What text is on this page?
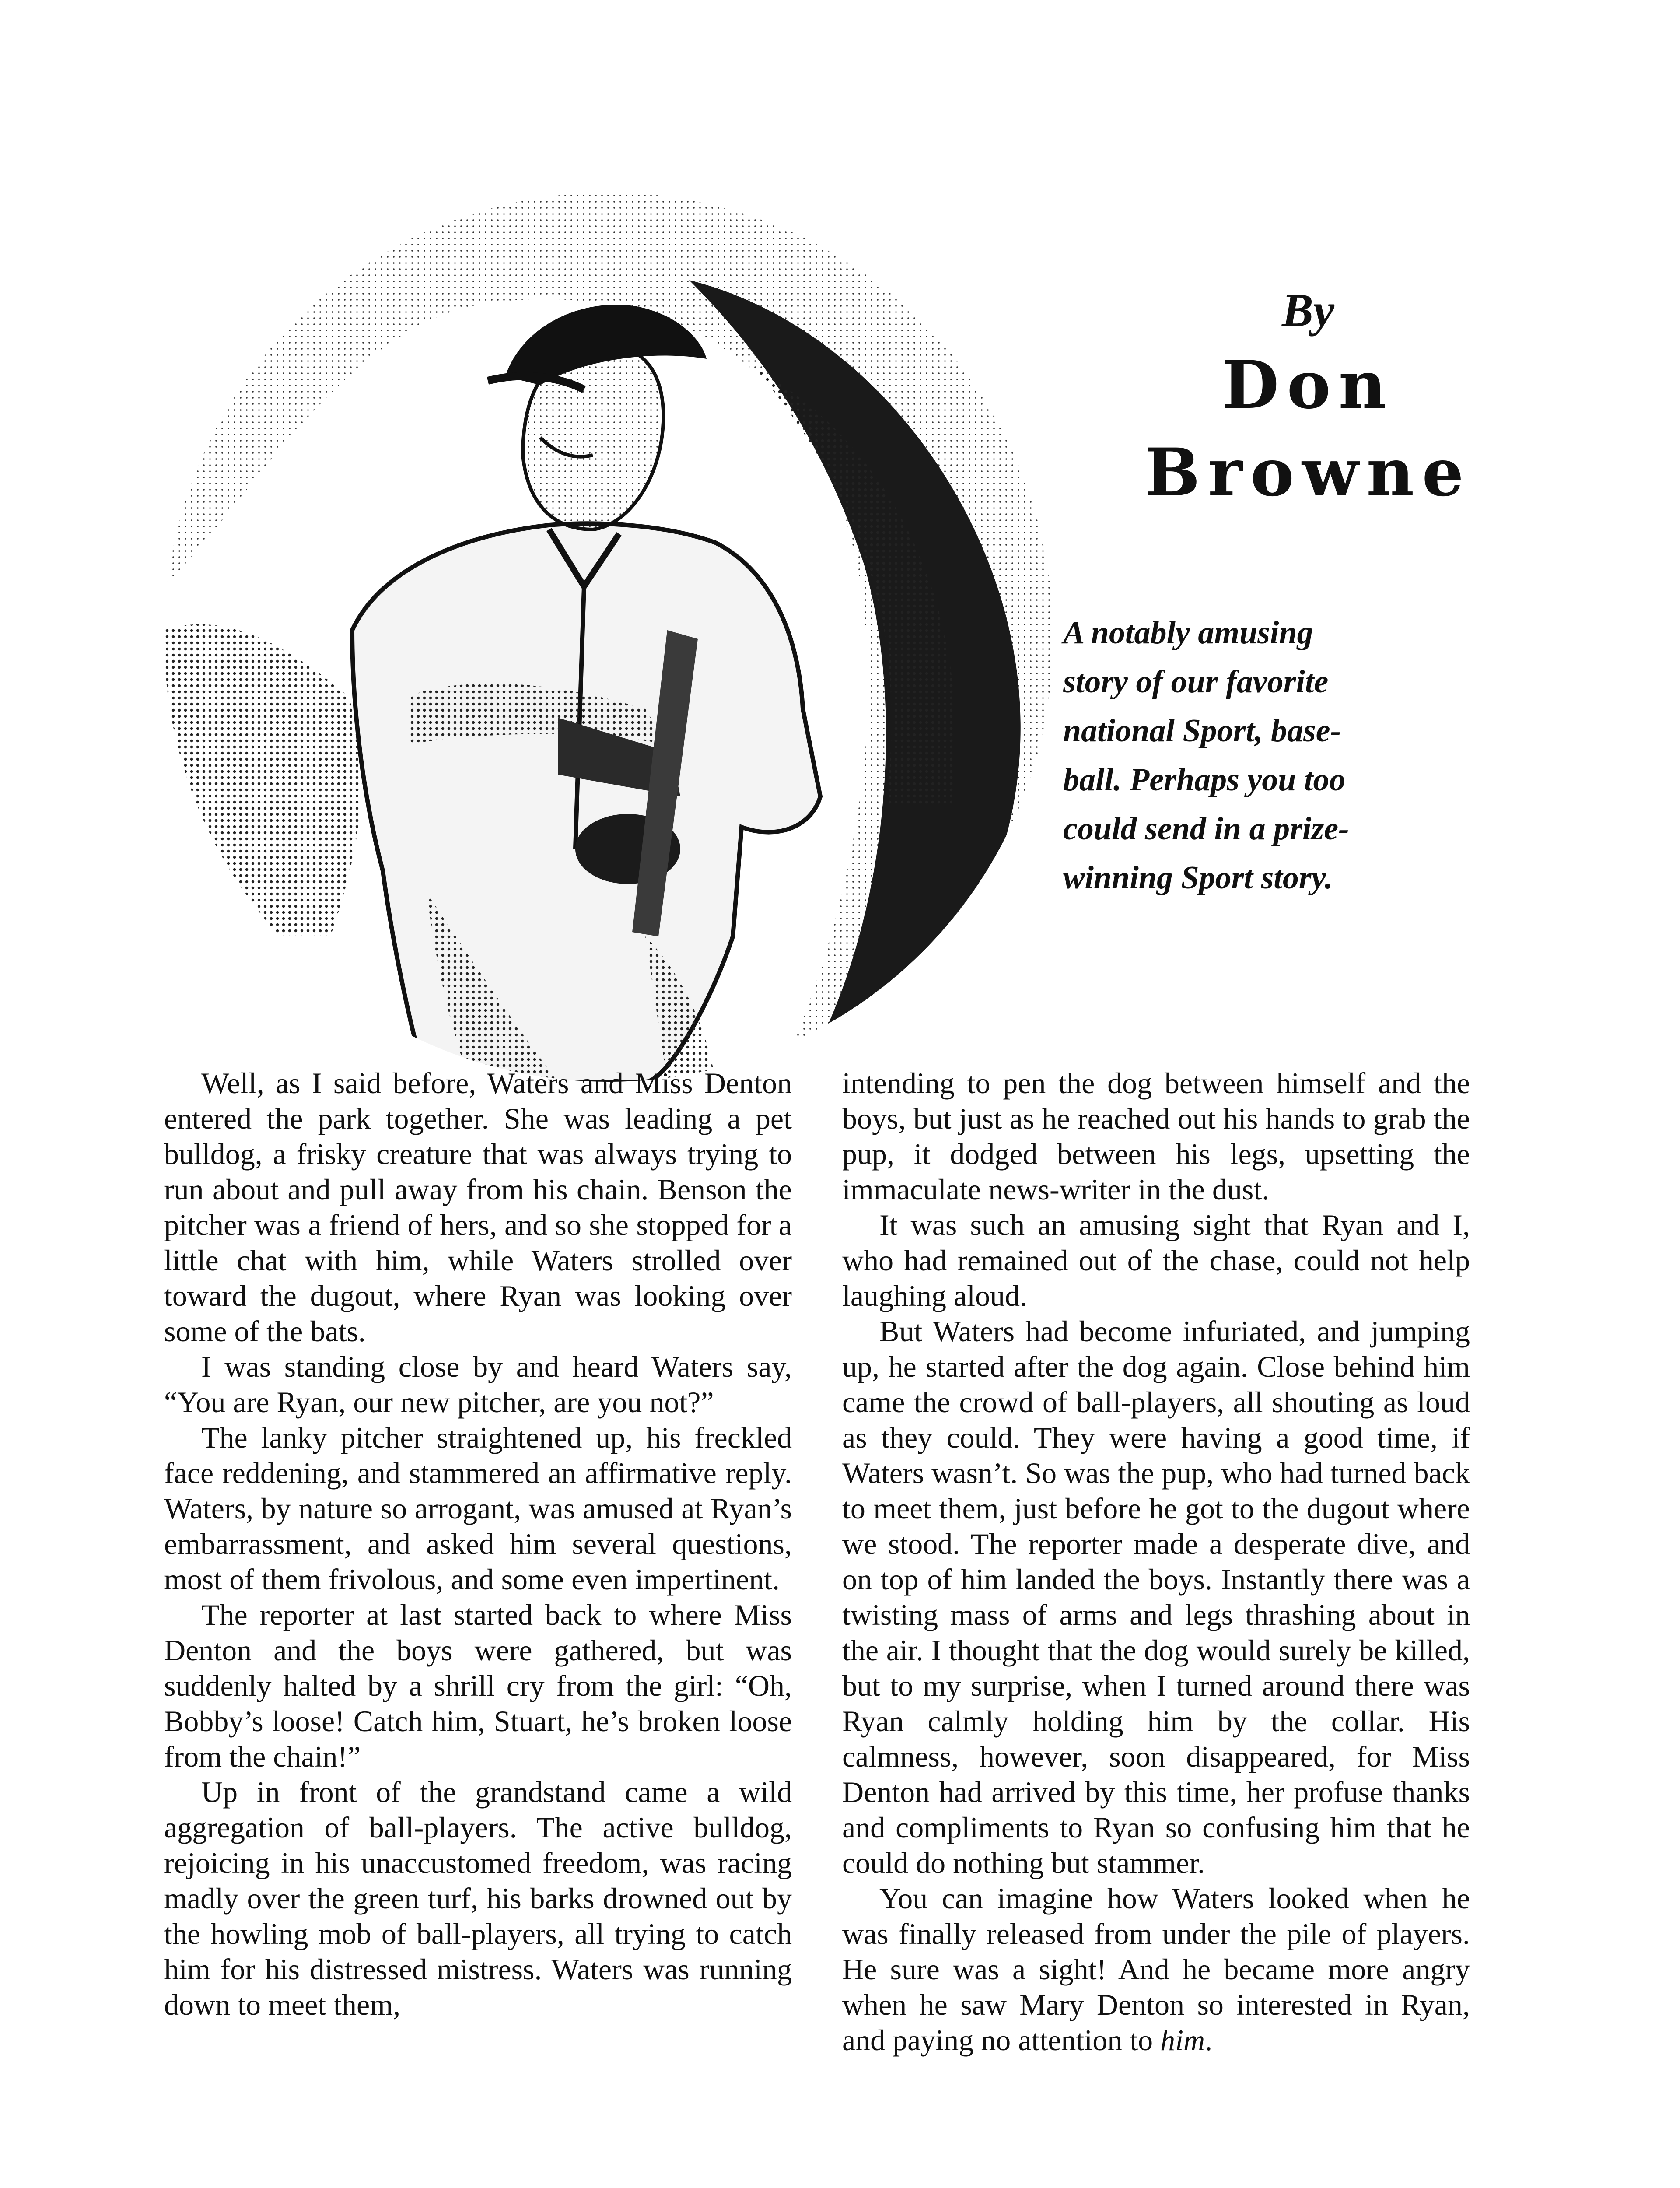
By
Don
Browne
A notably amusing
story of our favorite
national Sport, base-
ball. Perhaps you too
could send in a prize-
winning Sport story.

Well, as I said before, Waters and Miss Denton entered the park together. She was leading a pet bulldog, a frisky creature that was always trying to run about and pull away from his chain. Benson the pitcher was a friend of hers, and so she stopped for a little chat with him, while Waters strolled over toward the dugout, where Ryan was looking over some of the bats.

I was standing close by and heard Waters say, “You are Ryan, our new pitcher, are you not?”

The lanky pitcher straightened up, his freckled face reddening, and stammered an affirmative reply. Waters, by nature so arrogant, was amused at Ryan’s embarrassment, and asked him several questions, most of them frivolous, and some even impertinent.

The reporter at last started back to where Miss Denton and the boys were gathered, but was suddenly halted by a shrill cry from the girl: “Oh, Bobby’s loose! Catch him, Stuart, he’s broken loose from the chain!”

Up in front of the grandstand came a wild aggregation of ball-players. The active bulldog, rejoicing in his unaccustomed freedom, was racing madly over the green turf, his barks drowned out by the howling mob of ball-players, all trying to catch him for his distressed mistress. Waters was running down to meet them,

intending to pen the dog between himself and the boys, but just as he reached out his hands to grab the pup, it dodged between his legs, upsetting the immaculate news-writer in the dust.

It was such an amusing sight that Ryan and I, who had remained out of the chase, could not help laughing aloud.

But Waters had become infuriated, and jumping up, he started after the dog again. Close behind him came the crowd of ball-players, all shouting as loud as they could. They were having a good time, if Waters wasn’t. So was the pup, who had turned back to meet them, just before he got to the dugout where we stood. The reporter made a desperate dive, and on top of him landed the boys. Instantly there was a twisting mass of arms and legs thrashing about in the air. I thought that the dog would surely be killed, but to my surprise, when I turned around there was Ryan calmly holding him by the collar. His calmness, however, soon disappeared, for Miss Denton had arrived by this time, her profuse thanks and compliments to Ryan so confusing him that he could do nothing but stammer.

You can imagine how Waters looked when he was finally released from under the pile of players. He sure was a sight! And he became more angry when he saw Mary Denton so interested in Ryan, and paying no attention to him.
